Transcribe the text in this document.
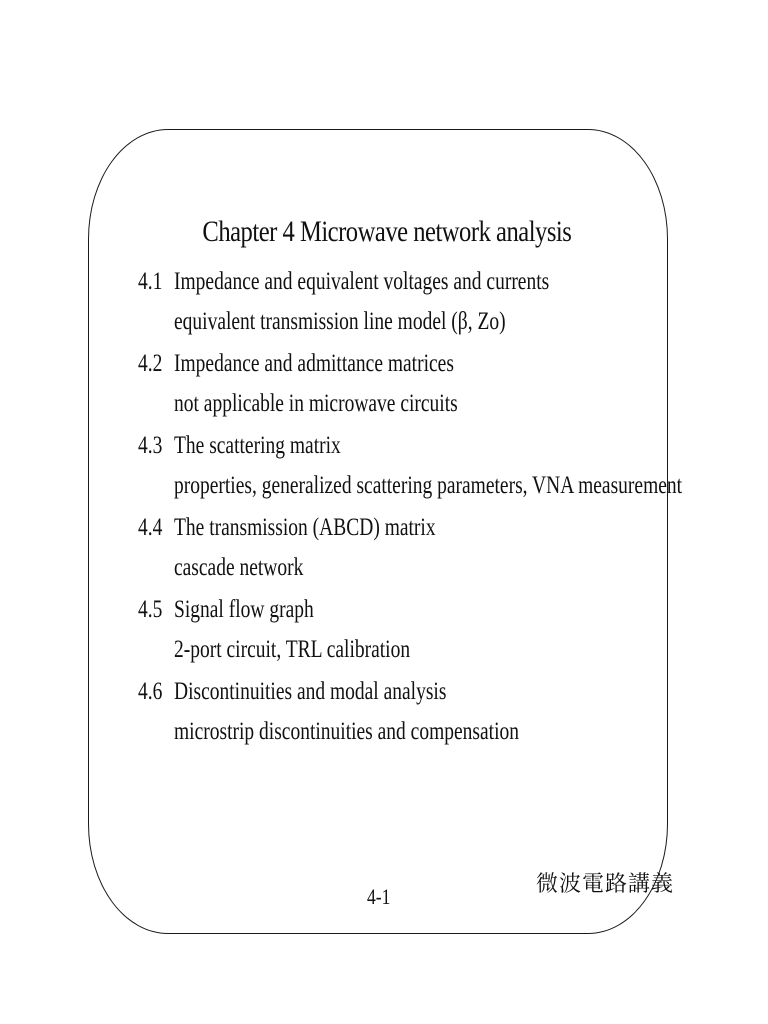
Chapter 4 Microwave network analysis
4.1 Impedance and equivalent voltages and currents
equivalent transmission line model (β, Zo)
4.2 Impedance and admittance matrices
not applicable in microwave circuits
4.3 The scattering matrix
properties, generalized scattering parameters, VNA measurement
4.4 The transmission (ABCD) matrix
cascade network
4.5 Signal flow graph
2-port circuit, TRL calibration
4.6 Discontinuities and modal analysis
microstrip discontinuities and compensation
4-1	微波電路講義
